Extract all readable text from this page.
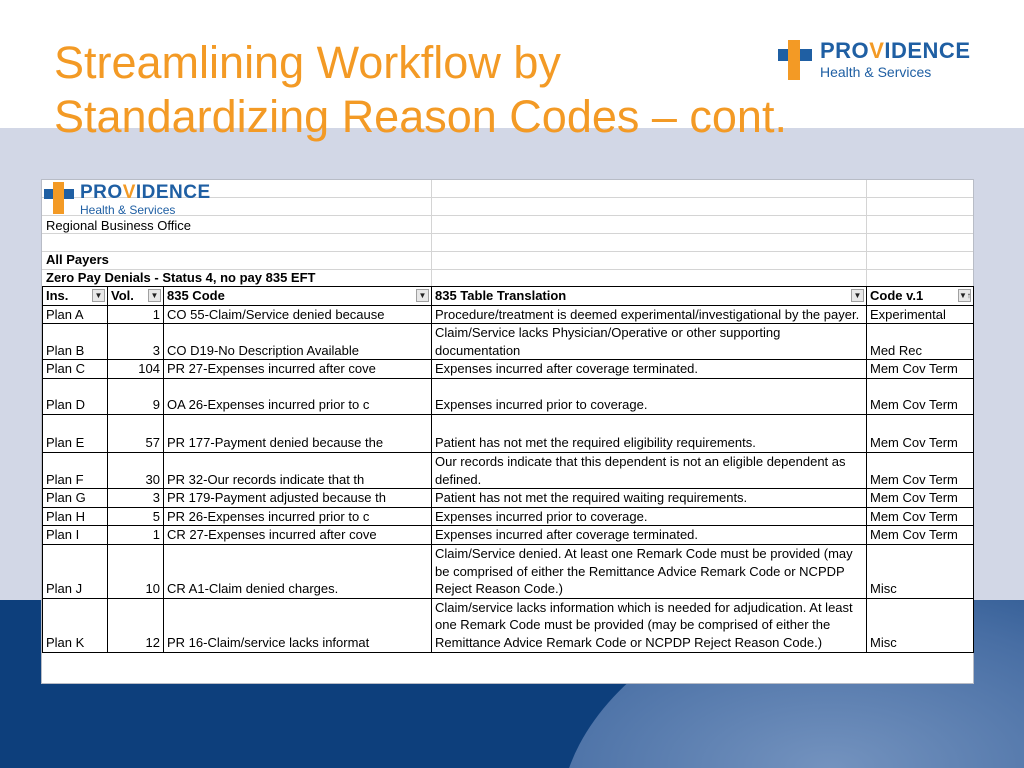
Streamlining Workflow by
Standardizing Reason Codes – cont.
PROVIDENCE
Health & Services
PROVIDENCE
Health & Services
Regional Business Office
All Payers
Zero Pay Denials - Status 4, no pay 835 EFT
Ins. ▼	Vol. ▼	835 Code ▼	835 Table Translation ▼	Code v.1 ▼↑

Plan A	1	CO 55-Claim/Service denied because	Procedure/treatment is deemed experimental/investigational by the payer.	Experimental
Plan B	3	CO D19-No Description Available	Claim/Service lacks Physician/Operative or other supporting documentation	Med Rec
Plan C	104	PR 27-Expenses incurred after cove	Expenses incurred after coverage terminated.	Mem Cov Term
Plan D	9	OA 26-Expenses incurred prior to c	Expenses incurred prior to coverage.	Mem Cov Term
Plan E	57	PR 177-Payment denied because the	Patient has not met the required eligibility requirements.	Mem Cov Term
Plan F	30	PR 32-Our records indicate that th	Our records indicate that this dependent is not an eligible dependent as defined.	Mem Cov Term
Plan G	3	PR 179-Payment adjusted because th	Patient has not met the required waiting requirements.	Mem Cov Term
Plan H	5	PR 26-Expenses incurred prior to c	Expenses incurred prior to coverage.	Mem Cov Term
Plan I	1	CR 27-Expenses incurred after cove	Expenses incurred after coverage terminated.	Mem Cov Term
Plan J	10	CR A1-Claim denied charges.	Claim/Service denied. At least one Remark Code must be provided (may be comprised of either the Remittance Advice Remark Code or NCPDP Reject Reason Code.)	Misc
Plan K	12	PR 16-Claim/service lacks informat	Claim/service lacks information which is needed for adjudication. At least one Remark Code must be provided (may be comprised of either the Remittance Advice Remark Code or NCPDP Reject Reason Code.)	Misc
